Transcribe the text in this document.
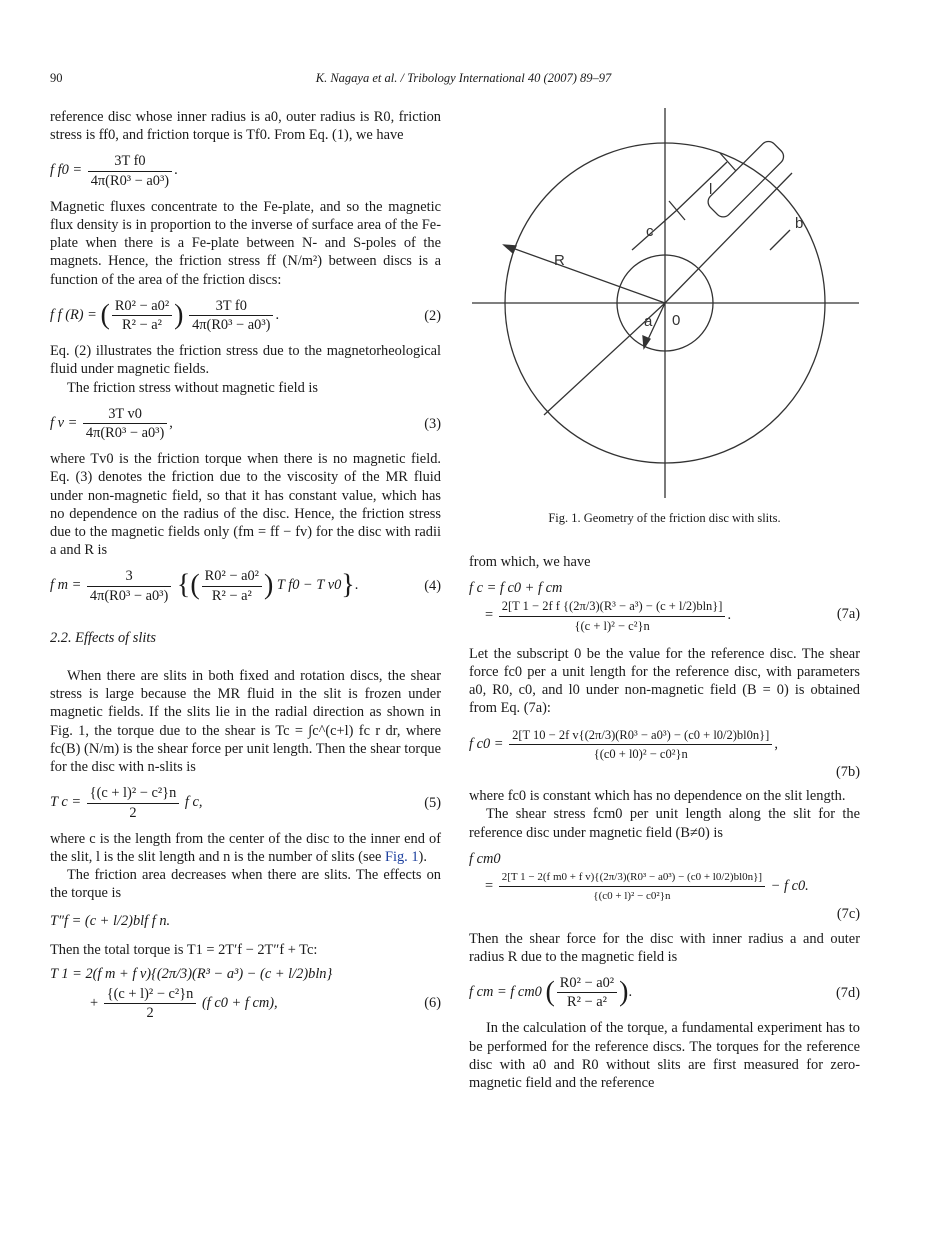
90	K. Nagaya et al. / Tribology International 40 (2007) 89–97

reference disc whose inner radius is a0, outer radius is R0, friction stress is ff0, and friction torque is Tf0. From Eq. (1), we have

f $f0 = \frac{\text{3T f0}}{\text{4π(R0³ − a0³)}}$ .

Magnetic fluxes concentrate to the Fe-plate, and so the magnetic flux density is in proportion to the inverse of surface area of the Fe-plate when there is a Fe-plate between N- and S-poles of the magnets. Hence, the friction stress ff (N/m²) between discs is a function of the area of the friction discs:

f f (R) = ( $\frac{\text{R0² − a0²}}{\text{R² − a²}}$ ) $\frac{\text{3T f0}}{\text{4π(R0³ − a0³)}}$ .	(2)

Eq. (2) illustrates the friction stress due to the magnetorheological fluid under magnetic fields.

The friction stress without magnetic field is

f $v = \frac{\text{3T v0}}{\text{4π(R0³ − a0³)}}$ ,	(3)

where Tv0 is the friction torque when there is no magnetic field. Eq. (3) denotes the friction due to the viscosity of the MR fluid under non-magnetic field, so that it has constant value, which has no dependence on the radius of the disc. Hence, the friction stress due to the magnetic fields only (fm = ff − fv) for the disc with radii a and R is

f $m = \frac{3}{\text{4π(R0³ − a0³)}}$ {( $\frac{\text{R0² − a0²}}{\text{R² − a²}}$ ) T f0 − T v0}.	(4)

2.2. Effects of slits

When there are slits in both fixed and rotation discs, the shear stress is large because the MR fluid in the slit is frozen under magnetic fields. If the slits lie in the radial direction as shown in Fig. 1, the torque due to the shear is Tc = ∫c^(c+l) fc r dr, where fc(B) (N/m) is the shear force per unit length. Then the shear torque for the disc with n-slits is

T $c = \frac{\text{\{(c + l)² − c²\}n}}{2}$ f c,	(5)

where c is the length from the center of the disc to the inner end of the slit, l is the slit length and n is the number of slits (see Fig. 1).

The friction area decreases when there are slits. The effects on the torque is

T″f = (c + l/2)blf f n.

Then the total torque is T1 = 2T′f − 2T″f + Tc:

T 1 = 2(f m + f v){(2π/3)(R³ − a³) − (c + l/2)bln}
+ $\frac{\text{\{(c + l)² − c²\}n}}{2} (f$ c0 + f cm),	(6)
R
c
l
b
a 0
Fig. 1. Geometry of the friction disc with slits.

from which, we have

f c = f c0 + f cm
= $\frac{\text{2[T 1 − 2f f \{(2π/3)(R³ − a³) − (c + l/2)bln\}]}}{\text{\{(c + l)² − c²\}n}}$ .	(7a)

Let the subscript 0 be the value for the reference disc. The shear force fc0 per a unit length for the reference disc, with parameters a0, R0, c0, and l0 under non-magnetic field (B = 0) is obtained from Eq. (7a):

f $c0 = \frac{\text{2[T 10 − 2f v\{(2π/3)(R0³ − a0³) − (c0 + l0/2)bl0n\}]}}{\text{\{(c0 + l0)² − c0²\}n}}$ ,
(7b)

where fc0 is constant which has no dependence on the slit length.

The shear stress fcm0 per unit length along the slit for the reference disc under magnetic field (B≠0) is

f cm0
= $\frac{\text{2[T 1 − 2(f m0 + f v)\{(2π/3)(R0³ − a0³) − (c0 + l0/2)bl0n\}]}}{\text{\{(c0 + l)² − c0²\}n}} - f$ c0.
(7c)

Then the shear force for the disc with inner radius a and outer radius R due to the magnetic field is

f cm = f cm0 ( $\frac{\text{R0² − a0²}}{\text{R² − a²}}$ ).	(7d)

In the calculation of the torque, a fundamental experiment has to be performed for the reference discs. The torques for the reference disc with a0 and R0 without slits are first measured for zero-magnetic field and the reference
